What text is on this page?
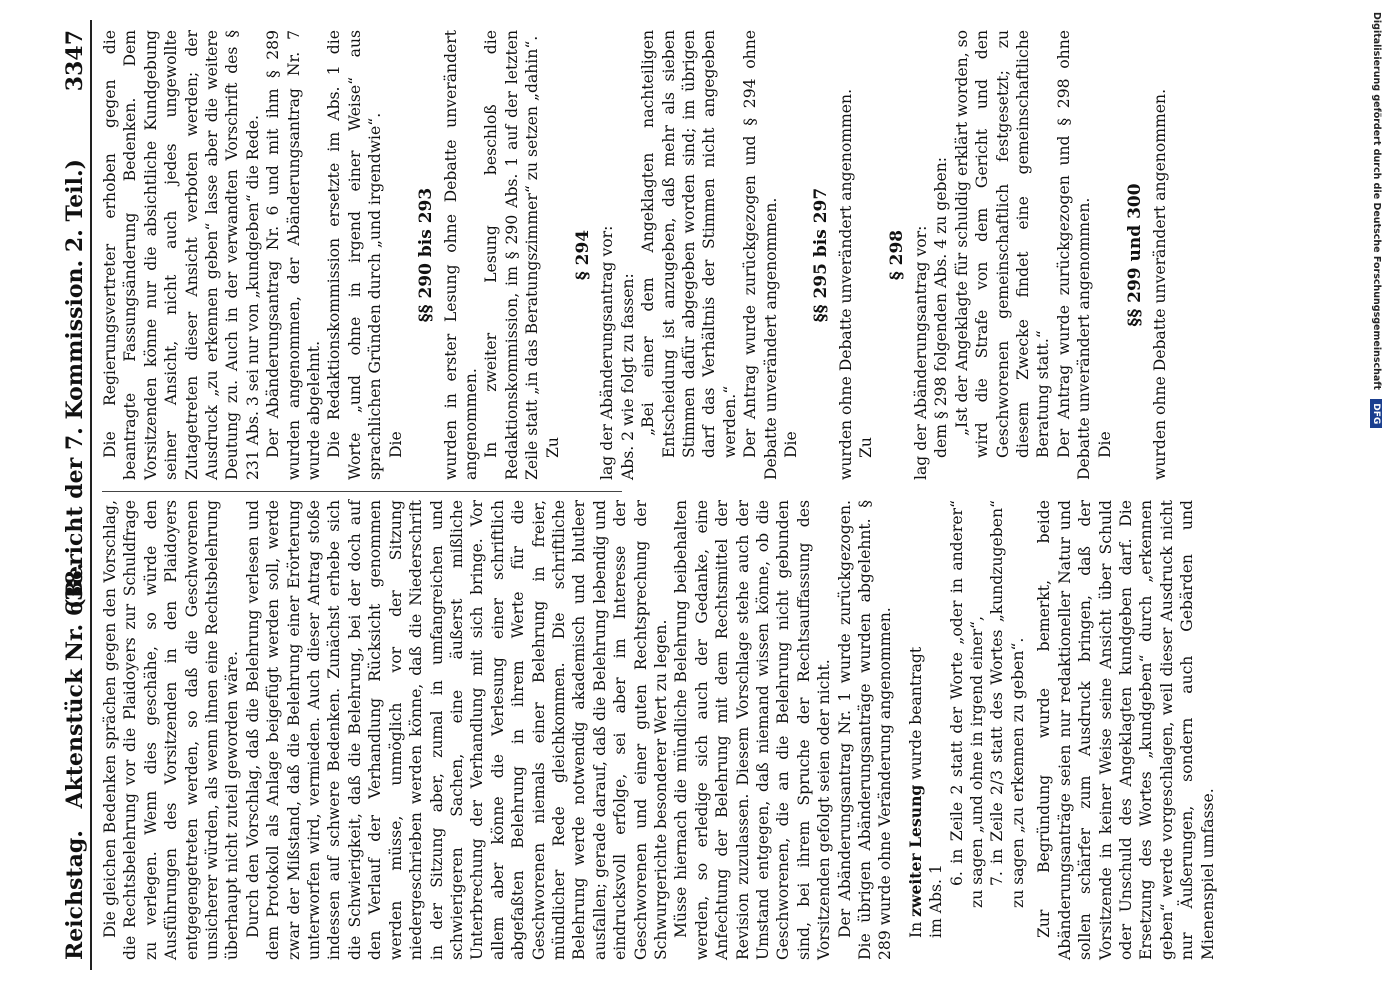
Reichstag. Aktenstück Nr. 638.
(Bericht der 7. Kommission. 2. Teil.) 3347

Die gleichen Bedenken sprächen gegen den Vorschlag, die Rechtsbelehrung vor die Plaidoyers zur Schuldfrage zu verlegen. Wenn dies geschähe, so würde den Ausführungen des Vorsitzenden in den Plaidoyers entgegengetreten werden, so daß die Geschworenen unsicherer würden, als wenn ihnen eine Rechtsbelehrung überhaupt nicht zuteil geworden wäre. Durch den Vorschlag, daß die Belehrung verlesen und dem Protokoll als Anlage beigefügt werden soll, werde zwar der Mißstand, daß die Belehrung einer Erörterung unterworfen wird, vermieden. Auch dieser Antrag stoße indessen auf schwere Bedenken. Zunächst erhebe sich die Schwierigkeit, daß die Belehrung, bei der doch auf den Verlauf der Verhandlung Rücksicht genommen werden müsse, unmöglich vor der Sitzung niedergeschrieben werden könne, daß die Niederschrift in der Sitzung aber, zumal in umfangreichen und schwierigeren Sachen, eine äußerst mißliche Unterbrechung der Verhandlung mit sich bringe. Vor allem aber könne die Verlesung einer schriftlich abgefaßten Belehrung in ihrem Werte für die Geschworenen niemals einer Belehrung in freier, mündlicher Rede gleichkommen. Die schriftliche Belehrung werde notwendig akademisch und blutleer ausfallen; gerade darauf, daß die Belehrung lebendig und eindrucksvoll erfolge, sei aber im Interesse der Geschworenen und einer guten Rechtsprechung der Schwurgerichte besonderer Wert zu legen. Müsse hiernach die mündliche Belehrung beibehalten werden, so erledige sich auch der Gedanke, eine Anfechtung der Belehrung mit dem Rechtsmittel der Revision zuzulassen. Diesem Vorschlage stehe auch der Umstand entgegen, daß niemand wissen könne, ob die Geschworenen, die an die Belehrung nicht gebunden sind, bei ihrem Spruche der Rechtsauffassung des Vorsitzenden gefolgt seien oder nicht. Der Abänderungsantrag Nr. 1 wurde zurückgezogen. Die übrigen Abänderungsanträge wurden abgelehnt. § 289 wurde ohne Veränderung angenommen. In zweiter Lesung wurde beantragt

im Abs. 1

6. in Zeile 2 statt der Worte „oder in anderer“ zu sagen „und ohne in irgend einer“, 7. in Zeile 2/3 statt des Wortes „kundzugeben“ zu sagen „zu erkennen zu geben“. Zur Begründung wurde bemerkt, beide Abänderungsanträge seien nur redaktioneller Natur und sollen schärfer zum Ausdruck bringen, daß der Vorsitzende in keiner Weise seine Ansicht über Schuld oder Unschuld des Angeklagten kundgeben darf. Die Ersetzung des Wortes „kundgeben“ durch „erkennen geben“ werde vorgeschlagen, weil dieser Ausdruck nicht nur Äußerungen, sondern auch Gebärden und Mienenspiel umfasse.

Die Regierungsvertreter erhoben gegen die beantragte Fassungsänderung Bedenken. Dem Vorsitzenden könne nur die absichtliche Kundgebung seiner Ansicht, nicht auch jedes ungewollte Zutagetreten dieser Ansicht verboten werden; der Ausdruck „zu erkennen geben“ lasse aber die weitere Deutung zu. Auch in der verwandten Vorschrift des § 231 Abs. 3 sei nur von „kundgeben“ die Rede. Der Abänderungsantrag Nr. 6 und mit ihm § 289 wurden angenommen, der Abänderungsantrag Nr. 7 wurde abgelehnt. Die Redaktionskommission ersetzte im Abs. 1 die Worte „und ohne in irgend einer Weise“ aus sprachlichen Gründen durch „und irgendwie“. Die

§§ 290 bis 293 wurden in erster Lesung ohne Debatte unverändert angenommen. In zweiter Lesung beschloß die Redaktionskommission, im § 290 Abs. 1 auf der letzten Zeile statt „in das Beratungszimmer“ zu setzen „dahin“. Zu

§ 294 lag der Abänderungsantrag vor: Abs. 2 wie folgt zu fassen: „Bei einer dem Angeklagten nachteiligen Entscheidung ist anzugeben, daß mehr als sieben Stimmen dafür abgegeben worden sind; im übrigen darf das Verhältnis der Stimmen nicht angegeben werden.“ Der Antrag wurde zurückgezogen und § 294 ohne Debatte unverändert angenommen. Die

§§ 295 bis 297 wurden ohne Debatte unverändert angenommen. Zu

§ 298 lag der Abänderungsantrag vor: dem § 298 folgenden Abs. 4 zu geben: „Ist der Angeklagte für schuldig erklärt worden, so wird die Strafe von dem Gericht und den Geschworenen gemeinschaftlich festgesetzt; zu diesem Zwecke findet eine gemeinschaftliche Beratung statt.“ Der Antrag wurde zurückgezogen und § 298 ohne Debatte unverändert angenommen. Die

§§ 299 und 300 wurden ohne Debatte unverändert angenommen.	Digitalisierung gefördert durch die Deutsche Forschungsgemeinschaft DFG
